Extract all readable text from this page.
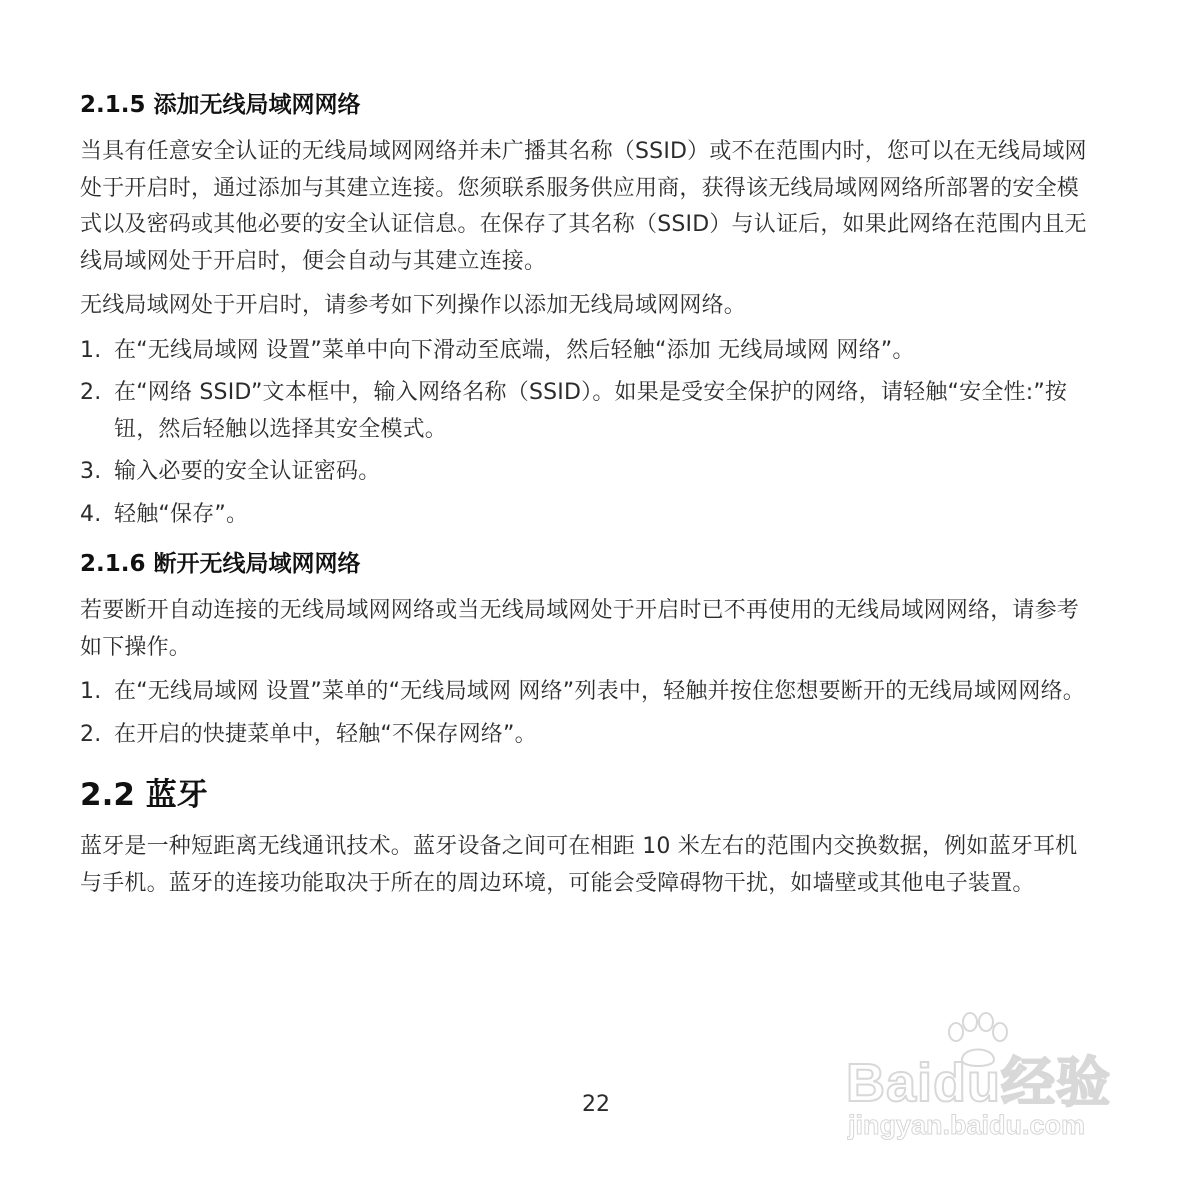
2.1.5 添加无线局域网网络

当具有任意安全认证的无线局域网网络并未广播其名称（SSID）或不在范围内时，您可以在无线局域网处于开启时，通过添加与其建立连接。您须联系服务供应用商，获得该无线局域网网络所部署的安全模式以及密码或其他必要的安全认证信息。在保存了其名称（SSID）与认证后，如果此网络在范围内且无线局域网处于开启时，便会自动与其建立连接。

无线局域网处于开启时，请参考如下列操作以添加无线局域网网络。

1. 在“无线局域网 设置”菜单中向下滑动至底端，然后轻触“添加 无线局域网 网络”。
2. 在“网络 SSID”文本框中，输入网络名称（SSID）。如果是受安全保护的网络，请轻触“安全性:”按钮，然后轻触以选择其安全模式。
3. 输入必要的安全认证密码。
4. 轻触“保存”。
2.1.6 断开无线局域网网络

若要断开自动连接的无线局域网网络或当无线局域网处于开启时已不再使用的无线局域网网络，请参考如下操作。

1. 在“无线局域网 设置”菜单的“无线局域网 网络”列表中，轻触并按住您想要断开的无线局域网网络。
2. 在开启的快捷菜单中，轻触“不保存网络”。
2.2 蓝牙

蓝牙是一种短距离无线通讯技术。蓝牙设备之间可在相距 10 米左右的范围内交换数据，例如蓝牙耳机与手机。蓝牙的连接功能取决于所在的周边环境，可能会受障碍物干扰，如墙壁或其他电子装置。

22	Baidu经验
jingyan.baidu.com
